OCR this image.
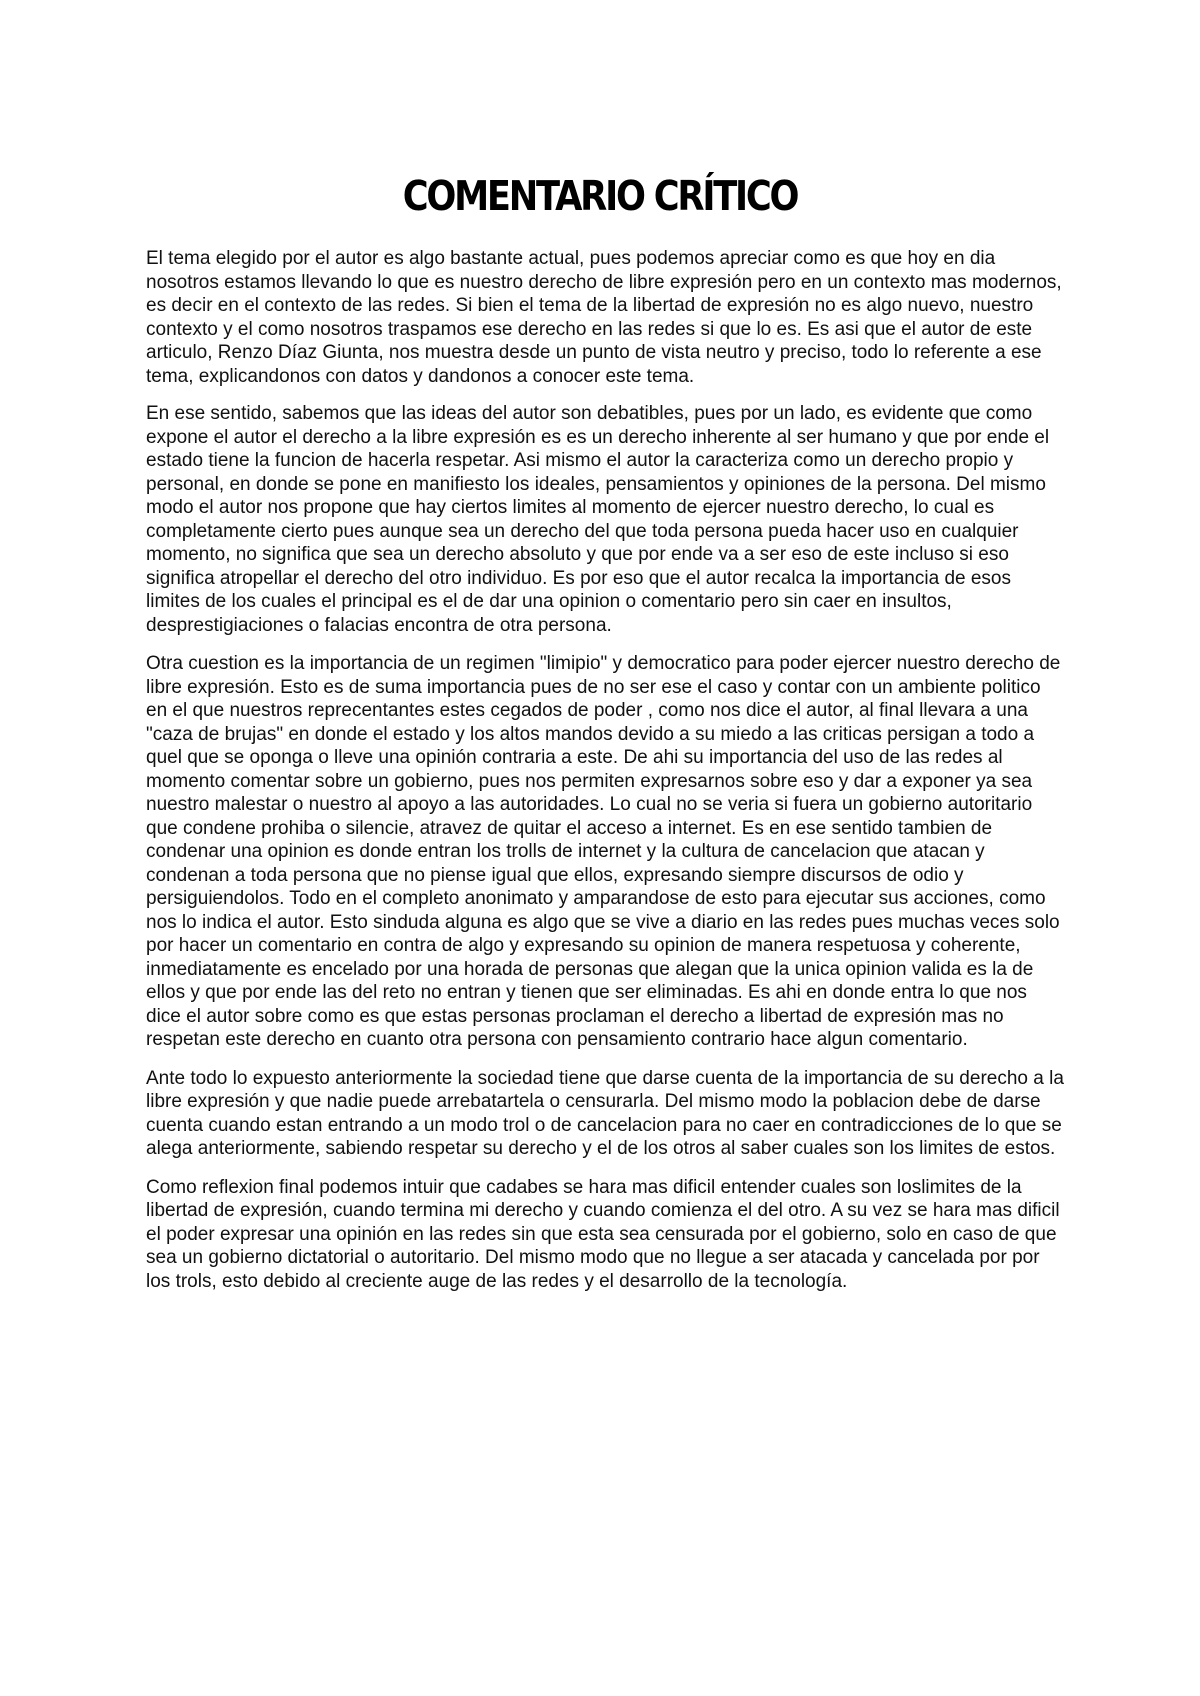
COMENTARIO CRÍTICO

El tema elegido por el autor es algo bastante actual, pues podemos apreciar como es que hoy en dia nosotros estamos llevando lo que es nuestro derecho de libre expresión pero en un contexto mas modernos, es decir en el contexto de las redes. Si bien el tema de la libertad de expresión no es algo nuevo, nuestro contexto y el como nosotros traspamos ese derecho en las redes si que lo es. Es asi que el autor de este articulo, Renzo Díaz Giunta, nos muestra desde un punto de vista neutro y preciso, todo lo referente a ese tema, explicandonos con datos y dandonos a conocer este tema.

En ese sentido, sabemos que las ideas del autor son debatibles, pues por un lado, es evidente que como expone el autor el derecho a la libre expresión es es un derecho inherente al ser humano y que por ende el estado tiene la funcion de hacerla respetar. Asi mismo el autor la caracteriza como un derecho propio y personal, en donde se pone en manifiesto los ideales, pensamientos y opiniones de la persona. Del mismo modo el autor nos propone que hay ciertos limites al momento de ejercer nuestro derecho, lo cual es completamente cierto pues aunque sea un derecho del que toda persona pueda hacer uso en cualquier momento, no significa que sea un derecho absoluto y que por ende va a ser eso de este incluso si eso significa atropellar el derecho del otro individuo. Es por eso que el autor recalca la importancia de esos limites de los cuales el principal es el de dar una opinion o comentario pero sin caer en insultos, desprestigiaciones o falacias encontra de otra persona.

Otra cuestion es la importancia de un regimen "limipio" y democratico para poder ejercer nuestro derecho de libre expresión. Esto es de suma importancia pues de no ser ese el caso y contar con un ambiente politico en el que nuestros reprecentantes estes cegados de poder , como nos dice el autor, al final llevara a una "caza de brujas" en donde el estado y los altos mandos devido a su miedo a las criticas persigan a todo a quel que se oponga o lleve una opinión contraria a este. De ahi su importancia del uso de las redes al momento comentar sobre un gobierno, pues nos permiten expresarnos sobre eso y dar a exponer ya sea nuestro malestar o nuestro al apoyo a las autoridades. Lo cual no se veria si fuera un gobierno autoritario que condene prohiba o silencie, atravez de quitar el acceso a internet. Es en ese sentido tambien de condenar una opinion es donde entran los trolls de internet y la cultura de cancelacion que atacan y condenan a toda persona que no piense igual que ellos, expresando siempre discursos de odio y persiguiendolos. Todo en el completo anonimato y amparandose de esto para ejecutar sus acciones, como nos lo indica el autor. Esto sinduda alguna es algo que se vive a diario en las redes pues muchas veces solo por hacer un comentario en contra de algo y expresando su opinion de manera respetuosa y coherente, inmediatamente es encelado por una horada de personas que alegan que la unica opinion valida es la de ellos y que por ende las del reto no entran y tienen que ser eliminadas. Es ahi en donde entra lo que nos dice el autor sobre como es que estas personas proclaman el derecho a libertad de expresión mas no respetan este derecho en cuanto otra persona con pensamiento contrario hace algun comentario.

Ante todo lo expuesto anteriormente la sociedad tiene que darse cuenta de la importancia de su derecho a la libre expresión y que nadie puede arrebatartela o censurarla. Del mismo modo la poblacion debe de darse cuenta cuando estan entrando a un modo trol o de cancelacion para no caer en contradicciones de lo que se alega anteriormente, sabiendo respetar su derecho y el de los otros al saber cuales son los limites de estos.

Como reflexion final podemos intuir que cadabes se hara mas dificil entender cuales son loslimites de la libertad de expresión, cuando termina mi derecho y cuando comienza el del otro. A su vez se hara mas dificil el poder expresar una opinión en las redes sin que esta sea censurada por el gobierno, solo en caso de que sea un gobierno dictatorial o autoritario. Del mismo modo que no llegue a ser atacada y cancelada por por los trols, esto debido al creciente auge de las redes y el desarrollo de la tecnología.
